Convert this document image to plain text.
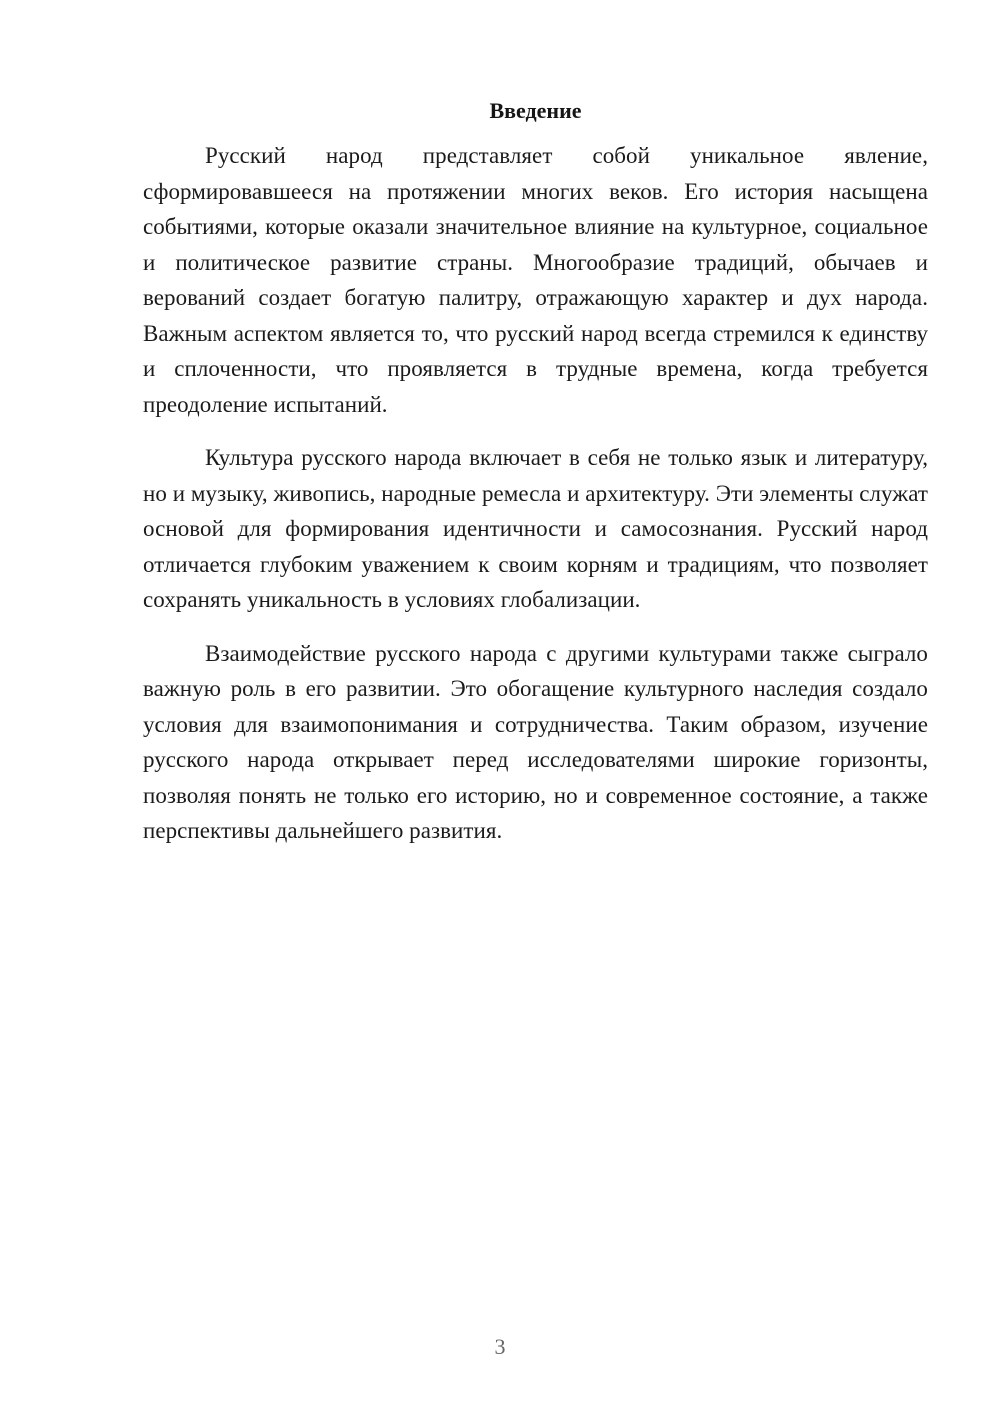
Введение

Русский народ представляет собой уникальное явление, сформировавшееся на протяжении многих веков. Его история насыщена событиями, которые оказали значительное влияние на культурное, социальное и политическое развитие страны. Многообразие традиций, обычаев и верований создает богатую палитру, отражающую характер и дух народа. Важным аспектом является то, что русский народ всегда стремился к единству и сплоченности, что проявляется в трудные времена, когда требуется преодоление испытаний.

Культура русского народа включает в себя не только язык и литературу, но и музыку, живопись, народные ремесла и архитектуру. Эти элементы служат основой для формирования идентичности и самосознания. Русский народ отличается глубоким уважением к своим корням и традициям, что позволяет сохранять уникальность в условиях глобализации.

Взаимодействие русского народа с другими культурами также сыграло важную роль в его развитии. Это обогащение культурного наследия создало условия для взаимопонимания и сотрудничества. Таким образом, изучение русского народа открывает перед исследователями широкие горизонты, позволяя понять не только его историю, но и современное состояние, а также перспективы дальнейшего развития.

3
